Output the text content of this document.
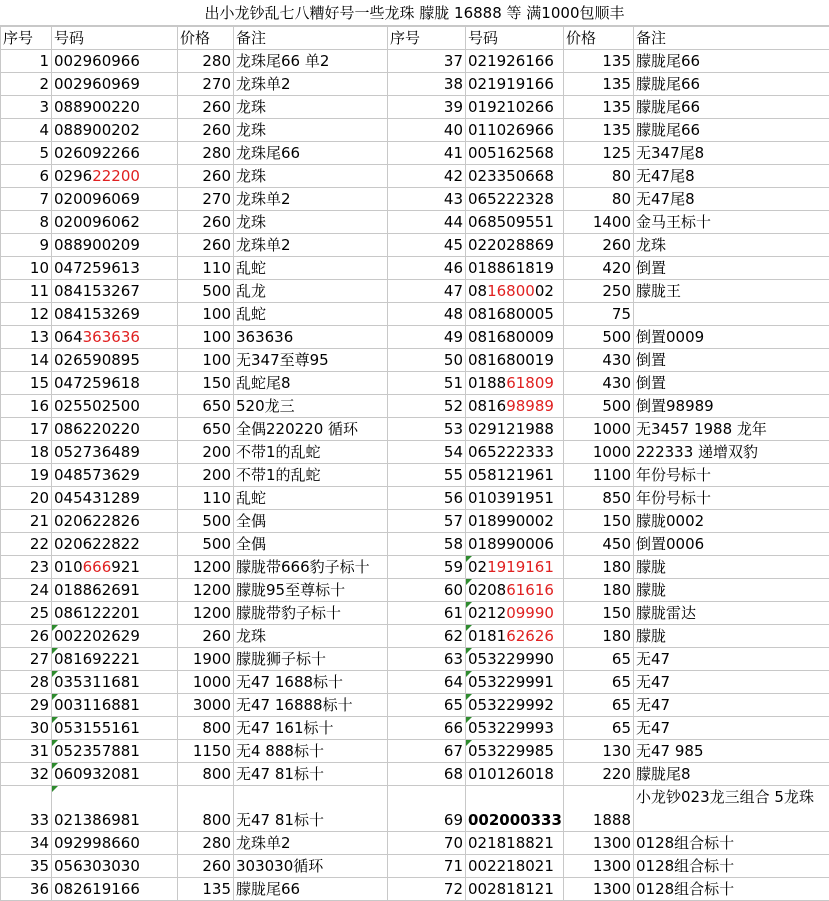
出小龙钞乱七八糟好号一些龙珠 朦胧 16888 等 满1000包顺丰
序号	号码	价格	备注	序号	号码	价格	备注
1	002960966	280	龙珠尾66 单2	37	021926166	135	朦胧尾66
2	002960969	270	龙珠单2	38	021919166	135	朦胧尾66
3	088900220	260	龙珠	39	019210266	135	朦胧尾66
4	088900202	260	龙珠	40	011026966	135	朦胧尾66
5	026092266	280	龙珠尾66	41	005162568	125	无347尾8
6	029622200	260	龙珠	42	023350668	80	无47尾8
7	020096069	270	龙珠单2	43	065222328	80	无47尾8
8	020096062	260	龙珠	44	068509551	1400	金马王标十
9	088900209	260	龙珠单2	45	022028869	260	龙珠
10	047259613	110	乱蛇	46	018861819	420	倒置
11	084153267	500	乱龙	47	081680002	250	朦胧王
12	084153269	100	乱蛇	48	081680005	75	
13	064363636	100	363636	49	081680009	500	倒置0009
14	026590895	100	无347至尊95	50	081680019	430	倒置
15	047259618	150	乱蛇尾8	51	018861809	430	倒置
16	025502500	650	520龙三	52	081698989	500	倒置98989
17	086220220	650	全偶220220 循环	53	029121988	1000	无3457 1988 龙年
18	052736489	200	不带1的乱蛇	54	065222333	1000	222333 递增双豹
19	048573629	200	不带1的乱蛇	55	058121961	1100	年份号标十
20	045431289	110	乱蛇	56	010391951	850	年份号标十
21	020622826	500	全偶	57	018990002	150	朦胧0002
22	020622822	500	全偶	58	018990006	450	倒置0006
23	010666921	1200	朦胧带666豹子标十	59	021919161	180	朦胧
24	018862691	1200	朦胧95至尊标十	60	020861616	180	朦胧
25	086122201	1200	朦胧带豹子标十	61	021209990	150	朦胧雷达
26	002202629	260	龙珠	62	018162626	180	朦胧
27	081692221	1900	朦胧狮子标十	63	053229990	65	无47
28	035311681	1000	无47 1688标十	64	053229991	65	无47
29	003116881	3000	无47 16888标十	65	053229992	65	无47
30	053155161	800	无47 161标十	66	053229993	65	无47
31	052357881	1150	无4 888标十	67	053229985	130	无47 985
32	060932081	800	无47 81标十	68	010126018	220	朦胧尾8
33	021386981	800	无47 81标十	69	002000333	1888	小龙钞023龙三组合 5龙珠
34	092998660	280	龙珠单2	70	021818821	1300	0128组合标十
35	056303030	260	303030循环	71	002218021	1300	0128组合标十
36	082619166	135	朦胧尾66	72	002818121	1300	0128组合标十
